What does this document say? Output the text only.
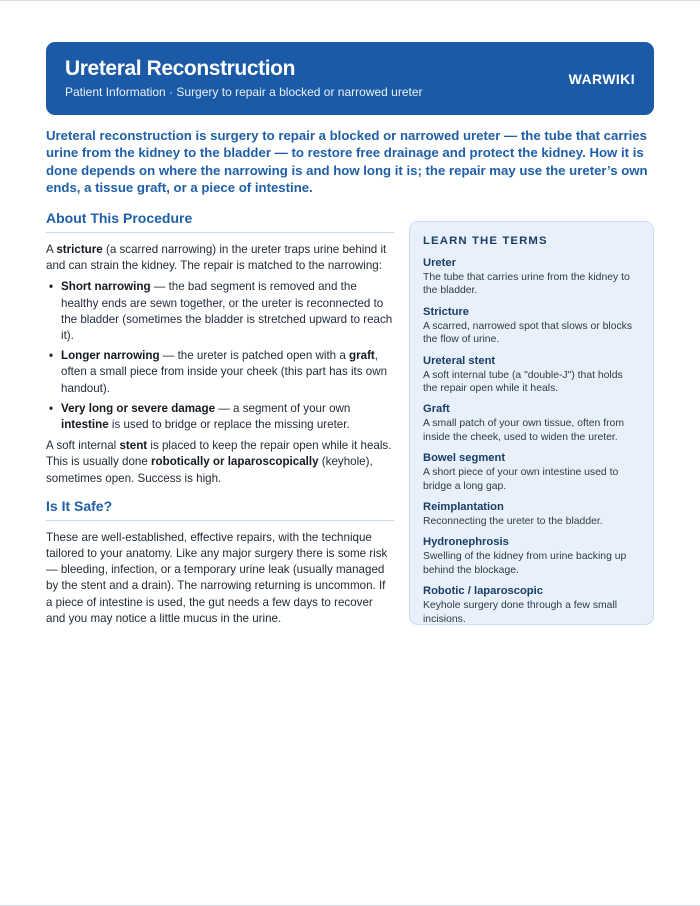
Ureteral Reconstruction
Patient Information · Surgery to repair a blocked or narrowed ureter
WARWIKI

Ureteral reconstruction is surgery to repair a blocked or narrowed ureter — the tube that carries urine from the kidney to the bladder — to restore free drainage and protect the kidney. How it is done depends on where the narrowing is and how long it is; the repair may use the ureter’s own ends, a tissue graft, or a piece of intestine.

About This Procedure

A stricture (a scarred narrowing) in the ureter traps urine behind it and can strain the kidney. The repair is matched to the narrowing:

• Short narrowing — the bad segment is removed and the healthy ends are sewn together, or the ureter is reconnected to the bladder (sometimes the bladder is stretched upward to reach it).
• Longer narrowing — the ureter is patched open with a graft, often a small piece from inside your cheek (this part has its own handout).
• Very long or severe damage — a segment of your own intestine is used to bridge or replace the missing ureter.

A soft internal stent is placed to keep the repair open while it heals. This is usually done robotically or laparoscopically (keyhole), sometimes open. Success is high.

Is It Safe?

These are well-established, effective repairs, with the technique tailored to your anatomy. Like any major surgery there is some risk — bleeding, infection, or a temporary urine leak (usually managed by the stent and a drain). The narrowing returning is uncommon. If a piece of intestine is used, the gut needs a few days to recover and you may notice a little mucus in the urine.

LEARN THE TERMS
Ureter
The tube that carries urine from the kidney to the bladder.
Stricture
A scarred, narrowed spot that slows or blocks the flow of urine.
Ureteral stent
A soft internal tube (a "double-J") that holds the repair open while it heals.
Graft
A small patch of your own tissue, often from inside the cheek, used to widen the ureter.
Bowel segment
A short piece of your own intestine used to bridge a long gap.
Reimplantation
Reconnecting the ureter to the bladder.
Hydronephrosis
Swelling of the kidney from urine backing up behind the blockage.
Robotic / laparoscopic
Keyhole surgery done through a few small incisions.
